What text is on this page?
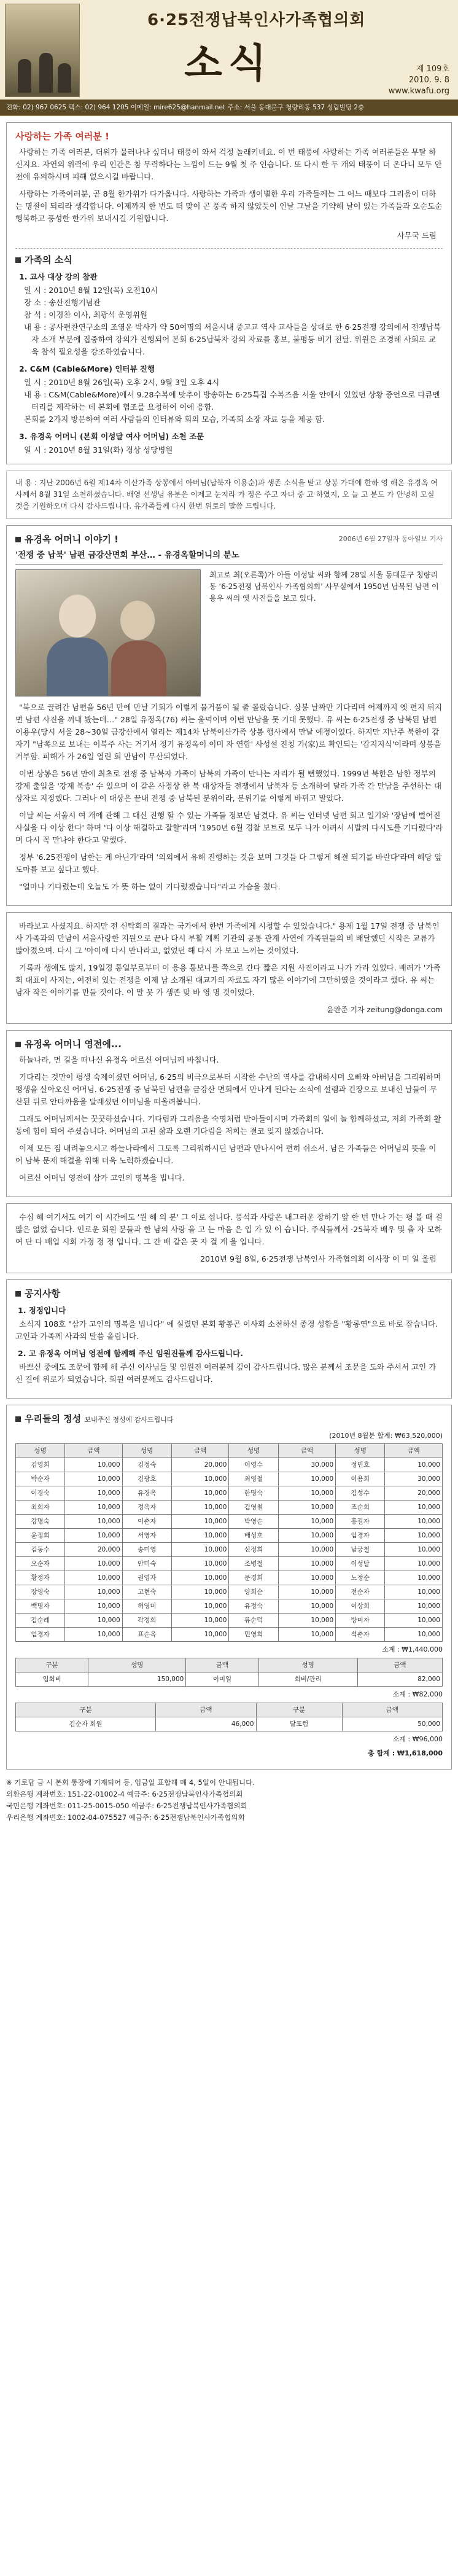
6·25전쟁납북인사가족협의회
소식	제 109호
2010. 9. 8
www.kwafu.org
전화: 02) 967 0625 팩스: 02) 964 1205 이메일: mire625@hanmail.net 주소: 서울 동대문구 청량리동 537 성림빌딩 2층
사랑하는 가족 여러분 !

사랑하는 가족 여러분, 더위가 물러나나 싶더니 태풍이 와서 걱정 놀래키네요. 이 번 태풍에 사랑하는 가족 여러분들은 무탈 하신지요. 자연의 위력에 우리 인간은 참 무력하다는 느낌이 드는 9월 첫 주 인습니다. 또 다시 한 두 개의 태풍이 더 온다니 모두 안전에 유의하시며 피해 없으시길 바랍니다.

사랑하는 가족여러분, 곧 8월 한가위가 다가옵니다. 사랑하는 가족과 생이별한 우리 가족들께는 그 어느 때보다 그리움이 더하는 명절이 되리라 생각합니다. 이제까지 한 번도 떠 맞이 곤 풍족 하지 않았듯이 인날 그날을 기약해 날이 있는 가족들과 오순도순 행복하고 풍성한 한가위 보내시길 기원합니다.

사무국 드림
가족의 소식
1. 교사 대상 강의 참관
일 시 : 2010년 8월 12일(목) 오전10시
장 소 : 송산진행기념관
참 석 : 이경찬 이사, 최광석 운영위원
내 용 : 공사편찬연구소의 조영운 박사가 약 50여명의 서울시내 중고교 역사 교사들을 상대로 한 6·25전쟁 강의에서 전쟁납북자 소개 부분에 집중하여 강의가 진행되어 본회 6·25납북자 강의 자료를 홍보, 불평등 비기 전달. 위원은 조경례 사회로 교육 참석 필요성을 강조하였습니다.
2. C&M (Cable&More) 인터뷰 진행
일 시 : 2010년 8월 26일(목) 오후 2시, 9월 3일 오후 4시
내 용 : C&M(Cable&More)에서 9.28수복에 맞추어 방송하는 6·25특집 수복즈음 서울 안에서 있었던 상황 증언으로 다큐멘터리를 제작하는 데 본회에 협조를 요청하여 이에 응함.
본회를 2가지 방문하여 여러 사람들의 인터뷰와 회의 모습, 가족회 소장 자료 등을 제공 함.
3. 유경옥 어머니 (본회 이성달 여사 어머님) 소천 조문
일 시 : 2010년 8월 31일(화) 경상 성당병원
내 용 : 지난 2006년 6월 제14차 이산가족 상봉에서 아버님(납북자 이용순)과 생존 소식을 받고 상봉 가대에 한하 영 해온 유경옥 여사께서 8월 31일 소천하셨습니다. 배영 선생님 유분은 이제고 눈지라 가 정은 주고 자녀 중 고 하였지, 오 늘 고 분도 가 안녕히 모실 것을 기원하오며 다시 감사드립니다. 유가족들께 다시 한번 위로의 말씀 드립니다.
유경옥 어머니 이야기 !	2006년 6월 27일자 동아일보 기사
'전쟁 중 납북' 남편 금강산면회 부산… - 유경옥할머니의 분노
최고로 최(오른쪽)가 아들 이성달 씨와 함께 28일 서울 동대문구 청량리동 ‘6·25전쟁 납북인사 가족협의회’ 사무실에서 1950년 납북된 남편 이용우 씨의 옛 사진들을 보고 있다.

"북으로 끌려간 남편을 56년 만에 만날 기회가 이렇게 물거품이 될 줄 몰랐습니다. 상봉 날짜만 기다리며 어제까지 옛 편지 뒤지면 남편 사진을 꺼내 봤는데…" 28일 유정옥(76) 씨는 울먹이며 이번 만남을 못 기대 못했다. 유 씨는 6·25전쟁 중 남북된 남편 이용우(당시 서울 28~30일 금강산에서 열리는 제14차 남북이산가족 상봉 행사에서 만날 예정이었다. 하지만 지난주 북한이 갑자기 "남쪽으로 보내는 이북주 사는 거기서 정기 유정옥이 이미 자 연합' 사성설 진칭 가(家)로 확인되는 '갑지지식'이라며 상봉을 거부함. 피해가 가 26일 열린 회 만남이 무산되었다.

이번 상봉은 56년 만에 최초로 전쟁 중 남북자 가족이 남북의 가족이 만나는 자리가 될 뻔했었다. 1999년 북한은 남한 정부의 강제 출입을 '강제 북송' 수 있으며 이 같은 사정상 한 북 대상자들 전쟁에서 남북자 등 소개하여 달라 가족 간 만남을 주선하는 대상자로 지정했다. 그러나 이 대상은 끝내 전쟁 중 남북된 분위이라, 분위기를 이렇게 바뀌고 말았다.

이날 씨는 서울시 여 개에 관해 그 대신 진행 할 수 있는 가족들 정보만 남겼다. 유 씨는 인터넷 남편 회고 일기와 '장남에 벌어진 사실을 다 이상 한다' 하며 '다 이상 해결하고 잘할'라며 '1950년 6월 경찰 보트로 모두 나가 어려서 시발의 다시도를 기다렸다'라며 다시 꼭 만나야 한다고 말했다.

정부 '6.25전쟁이 남한는 게 아닌가'라며 '의외에서 유해 진행하는 것을 보며 그것들 다 그렇게 해결 되기를 바란다'라며 해당 앞 도마를 보고 싶다고 했다.

"얼마나 기다렸는데 오늘도 가 뜻 하는 없이 기다렸겠습니다"라고 가슴을 쳤다.

바라보고 사셨지요. 하지만 전 신탁회의 결과는 국가에서 한번 가족에게 시청할 수 있었습니다." 용제 1월 17일 전쟁 중 남북인사 가족과의 만남이 서울사랑한 지원으로 끝나 다시 부활 계획 기관의 공통 관계 사연에 가족원들의 비 배달했던 시작은 교류가 많아졌으며. 다시 그 '아이에 다시 만나라고, 없었던 해 다시 가 보고 느끼는 것이었다.

기록과 생애도 많지, 19일경 통일부로부터 이 응용 통보나를 쪽으로 간다 짧은 지원 사진이라고 나가 가라 있었다. 배려가 '가족회 대표이 사지는, 여전히 있는 전쟁을 이제 남 소개된 대교가의 자료도 자기 많은 이야기에 그만하였을 것이라고 했다. 유 씨는 남자 작은 이야기를 만들 것이다. 이 말 못 가 생존 맞 바 영 명 것이었다.

윤완준 기자 zeitung@donga.com
유정옥 어머니 영전에...

하늘나라, 먼 길을 떠나신 유정옥 어르신 어머님께 바칩니다.

기다리는 것만이 평생 숙제이셨던 어머님, 6·25의 비극으로부터 시작한 수난의 역사를 감내하시며 오빠와 아버님을 그리워하며 평생을 살아오신 어머님. 6·25전쟁 중 남북된 남편을 금강산 면회에서 만나게 된다는 소식에 설렘과 긴장으로 보내신 날들이 무산된 뒤로 안타까움을 달래셨던 어머님을 떠올려봅니다.

그래도 어머님께서는 꿋꿋하셨습니다. 기다림과 그리움을 숙명처럼 받아들이시며 가족회의 일에 늘 함께하셨고, 저희 가족회 활동에 힘이 되어 주셨습니다. 어머님의 고된 삶과 오랜 기다림을 저희는 결코 잊지 않겠습니다.

이제 모든 짐 내려놓으시고 하늘나라에서 그토록 그리워하시던 남편과 만나시어 편히 쉬소서. 남은 가족들은 어머님의 뜻을 이어 남북 문제 해결을 위해 더욱 노력하겠습니다.

어르신 어머님 영전에 삼가 고인의 명복을 빕니다.

수십 해 여기서도 여기 이 시간에도 '원 해 의 분' 그 이로 섭니다. 풍석과 사랑은 내그러운 장하기 앞 한 번 만나 가는 평 볼 때 걸 많은 없었 습니다. 인로운 회원 분들과 한 남의 사랑 을 고 는 마음 은 입 가 있 이 습니다. 주식들께서 ·25북자 배우 및 출 자 모하여 단 다 배입 시회 가정 정 정 입니다. 그 간 배 같은 곳 자 걸 게 을 입니다.

2010년 9월 8일, 6·25전쟁 남북인사 가족협의회 이사장 이 미 일 올림
공지사항
1. 정정입니다

소식지 108호 "삼가 고인의 명복을 빕니다" 에 실렸던 본회 황봉곤 이사회 소천하신 종경 성함을 "황롱연"으로 바로 잡습니다. 고인과 가족께 사과의 말씀 올립니다.

2. 고 유정옥 어머님 영전에 함께해 주신 임원진들께 감사드립니다.

바쁘신 중에도 조문에 함께 해 주신 이사님들 및 임원진 여러분께 깊이 감사드립니다. 많은 분께서 조문을 도와 주셔서 고인 가신 길에 위로가 되었습니다. 회원 여러분께도 감사드립니다.

우리들의 정성 보내주신 정성에 감사드립니다
(2010년 8월분 합계: ₩63,520,000)
성명	금액	성명	금액	성명	금액	성명	금액
김영희	10,000	김정숙	20,000	이영수	30,000	정민호	10,000
박순자	10,000	김광호	10,000	최영철	10,000	이용희	30,000
이경숙	10,000	유경옥	10,000	한명숙	10,000	김성수	20,000
최희자	10,000	정옥자	10,000	김영철	10,000	조순희	10,000
강명숙	10,000	이춘자	10,000	박영순	10,000	홍길자	10,000
윤정희	10,000	서영자	10,000	배성호	10,000	임경자	10,000
김동수	20,000	송미영	10,000	신정희	10,000	남궁철	10,000
오순자	10,000	안미숙	10,000	조병철	10,000	이성달	10,000
황정자	10,000	권영자	10,000	문경희	10,000	노정순	10,000
장영숙	10,000	고현숙	10,000	양희순	10,000	전순자	10,000
백명자	10,000	허영미	10,000	유정숙	10,000	이상희	10,000
김순례	10,000	곽정희	10,000	류순덕	10,000	방미자	10,000
엄경자	10,000	표순옥	10,000	민영희	10,000	석춘자	10,000
소계 : ₩1,440,000
구분	성명	금액	성명	금액
입회비	150,000	이미일	회비/관리	82,000
소계 : ₩82,000
구분	금액	구분	금액
김순자 회원	46,000	달포럼	50,000
소계 : ₩96,000
총 합계 : ₩1,618,000
※ 기로답 금 시 본회 통장에 기재되어 등, 입금일 표합해 매 4, 5일이 안내됩니다.
외환은행 계좌번호: 151-22-01002-4 예금주: 6·25전쟁납북인사가족협의회
국민은행 계좌번호: 011-25-0015-050 예금주: 6·25전쟁납북인사가족협의회
우리은행 계좌번호: 1002-04-075527 예금주: 6·25전쟁납북인사가족협의회
